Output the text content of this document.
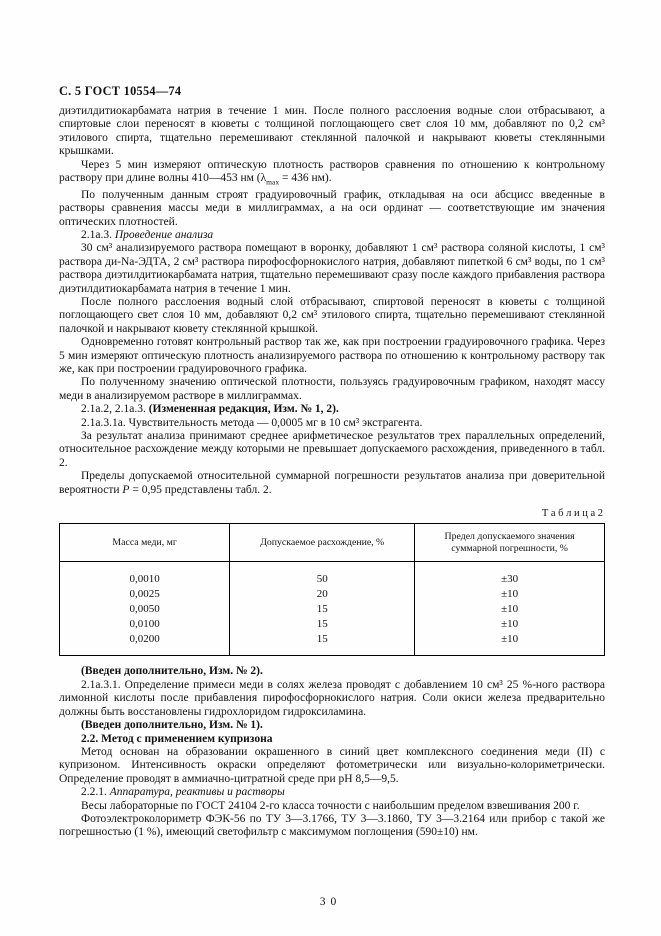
С. 5 ГОСТ 10554—74

диэтилдитиокарбамата натрия в течение 1 мин. После полного расслоения водные слои отбрасывают, а спиртовые слои переносят в кюветы с толщиной поглощающего свет слоя 10 мм, добавляют по 0,2 см³ этилового спирта, тщательно перемешивают стеклянной палочкой и накрывают кюветы стеклянными крышками.

Через 5 мин измеряют оптическую плотность растворов сравнения по отношению к контрольному раствору при длине волны 410—453 нм ($\lambda_{max} = 436$ нм).

По полученным данным строят градуировочный график, откладывая на оси абсцисс введенные в растворы сравнения массы меди в миллиграммах, а на оси ординат — соответствующие им значения оптических плотностей.

2.1а.3. Проведение анализа

30 см³ анализируемого раствора помещают в воронку, добавляют 1 см³ раствора соляной кислоты, 1 см³ раствора ди-Na-ЭДТА, 2 см³ раствора пирофосфорнокислого натрия, добавляют пипеткой 6 см³ воды, по 1 см³ раствора диэтилдитиокарбамата натрия, тщательно перемешивают сразу после каждого прибавления раствора диэтилдитиокарбамата натрия в течение 1 мин.

После полного расслоения водный слой отбрасывают, спиртовой переносят в кюветы с толщиной поглощающего свет слоя 10 мм, добавляют 0,2 см³ этилового спирта, тщательно перемешивают стеклянной палочкой и накрывают кювету стеклянной крышкой.

Одновременно готовят контрольный раствор так же, как при построении градуировочного графика. Через 5 мин измеряют оптическую плотность анализируемого раствора по отношению к контрольному раствору так же, как при построении градуировочного графика.

По полученному значению оптической плотности, пользуясь градуировочным графиком, находят массу меди в анализируемом растворе в миллиграммах.

2.1а.2, 2.1а.3. (Измененная редакция, Изм. № 1, 2).

2.1а.3.1а. Чувствительность метода — 0,0005 мг в 10 см³ экстрагента.

За результат анализа принимают среднее арифметическое результатов трех параллельных определений, относительное расхождение между которыми не превышает допускаемого расхождения, приведенного в табл. 2.

Пределы допускаемой относительной суммарной погрешности результатов анализа при доверительной вероятности Р = 0,95 представлены табл. 2.

Т а б л и ц а 2
Масса меди, мг	Допускаемое расхождение, %	Предел допускаемого значения суммарной погрешности, %
0,0010	50	±30
0,0025	20	±10
0,0050	15	±10
0,0100	15	±10
0,0200	15	±10

(Введен дополнительно, Изм. № 2).

2.1а.3.1. Определение примеси меди в солях железа проводят с добавлением 10 см³ 25 %-ного раствора лимонной кислоты после прибавления пирофосфорнокислого натрия. Соли окиси железа предварительно должны быть восстановлены гидрохлоридом гидроксиламина.

(Введен дополнительно, Изм. № 1).

2.2. Метод с применением купризона

Метод основан на образовании окрашенного в синий цвет комплексного соединения меди (II) с купризоном. Интенсивность окраски определяют фотометрически или визуально-колориметрически. Определение проводят в аммиачно-цитратной среде при рН 8,5—9,5.

2.2.1. Аппаратура, реактивы и растворы

Весы лабораторные по ГОСТ 24104 2-го класса точности с наибольшим пределом взвешивания 200 г.

Фотоэлектроколориметр ФЭК-56 по ТУ 3—3.1766, ТУ 3—3.1860, ТУ 3—3.2164 или прибор с такой же погрешностью (1 %), имеющий светофильтр с максимумом поглощения (590±10) нм.

30
